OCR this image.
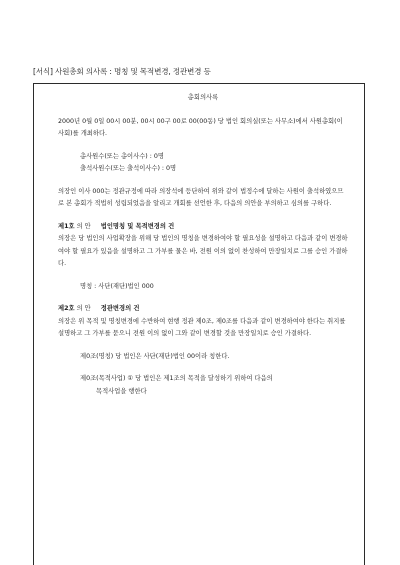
[서식] 사원총회 의사록 : 명칭 및 목적변경, 정관변경 등

총회의사록

2000년 0월 0일 00시 00분, 00시 00구 00로 00(00동) 당 법인 회의실(또는 사무소)에서 사원총회(이사회)를 개최하다.

총사원수(또는 총이사수) : 0명

출석사원수(또는 출석이사수) : 0명

의장인 이사 000는 정관규정에 따라 의장석에 등단하여 위와 같이 법정수에 달하는 사원이 출석하였으므로 본 총회가 적법히 성립되었음을 알리고 개회를 선언한 후, 다음의 의안을 부의하고 심의를 구하다.

제1호 의 안 법인명칭 및 목적변경의 건

의장은 당 법인의 사업확장을 위해 당 법인의 명칭을 변경하여야 할 필요성을 설명하고 다음과 같이 변경하여야 할 필요가 있음을 설명하고 그 가부를 물은 바, 전원 이의 없이 찬성하여 만장일치로 그를 승인 가결하다.

명칭 : 사단(재단)법인 000

제2호 의 안 정관변경의 건

의장은 위 목적 및 명칭변경에 수반하여 현행 정관 제0조, 제0조를 다음과 같이 변경하여야 한다는 취지를 설명하고 그 가부를 묻으니 전원 이의 없이 그와 같이 변경할 것을 만장일치로 승인 가결하다.

제0조(명칭) 당 법인은 사단(재단)법인 00이라 칭한다.

제0조(목적사업) ① 당 법인은 제1조의 목적을 달성하기 위하여 다음의

목적사업을 행한다
